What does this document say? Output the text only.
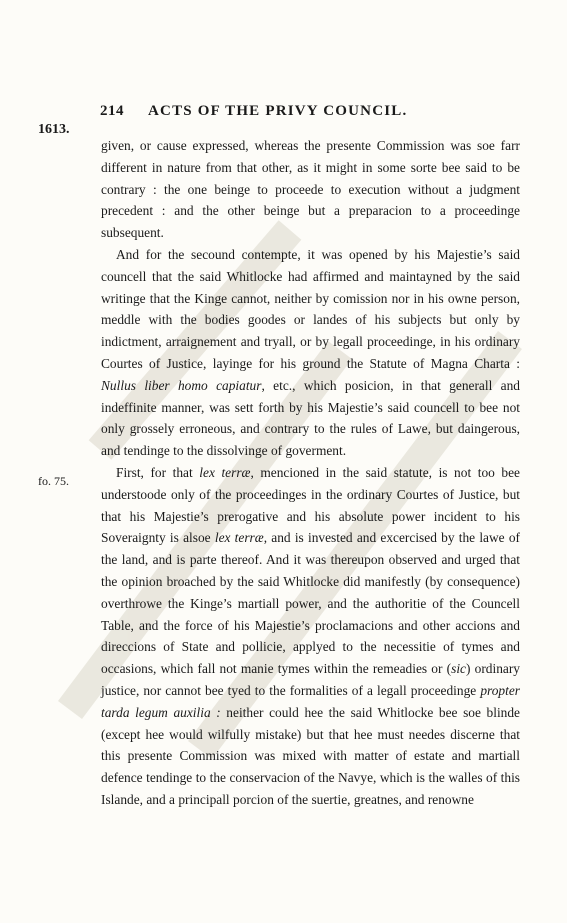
214 ACTS OF THE PRIVY COUNCIL.
1613.
fo. 75.

given, or cause expressed, whereas the presente Commission was soe farr different in nature from that other, as it might in some sorte bee said to be contrary : the one beinge to proceede to execution without a judgment precedent : and the other beinge but a preparacion to a proceedinge subsequent.

And for the secound contempte, it was opened by his Majestie’s said councell that the said Whitlocke had affirmed and maintayned by the said writinge that the Kinge cannot, neither by comission nor in his owne person, meddle with the bodies goodes or landes of his subjects but only by indictment, arraignement and tryall, or by legall proceedinge, in his ordinary Courtes of Justice, layinge for his ground the Statute of Magna Charta : Nullus liber homo capiatur, etc., which posicion, in that generall and indeffinite manner, was sett forth by his Majestie’s said councell to bee not only grossely erroneous, and contrary to the rules of Lawe, but daingerous, and tendinge to the dissolvinge of goverment.

First, for that lex terræ, mencioned in the said statute, is not too bee understoode only of the proceedinges in the ordinary Courtes of Justice, but that his Majestie’s prerogative and his absolute power incident to his Soveraignty is alsoe lex terræ, and is invested and excercised by the lawe of the land, and is parte thereof. And it was thereupon observed and urged that the opinion broached by the said Whitlocke did manifestly (by consequence) overthrowe the Kinge’s martiall power, and the authoritie of the Councell Table, and the force of his Majestie’s proclamacions and other accions and direccions of State and pollicie, applyed to the necessitie of tymes and occasions, which fall not manie tymes within the remeadies or (sic) ordinary justice, nor cannot bee tyed to the formalities of a legall proceedinge propter tarda legum auxilia : neither could hee the said Whitlocke bee soe blinde (except hee would wilfully mistake) but that hee must needes discerne that this presente Commission was mixed with matter of estate and martiall defence tendinge to the conservacion of the Navye, which is the walles of this Islande, and a principall porcion of the suertie, greatnes, and renowne
